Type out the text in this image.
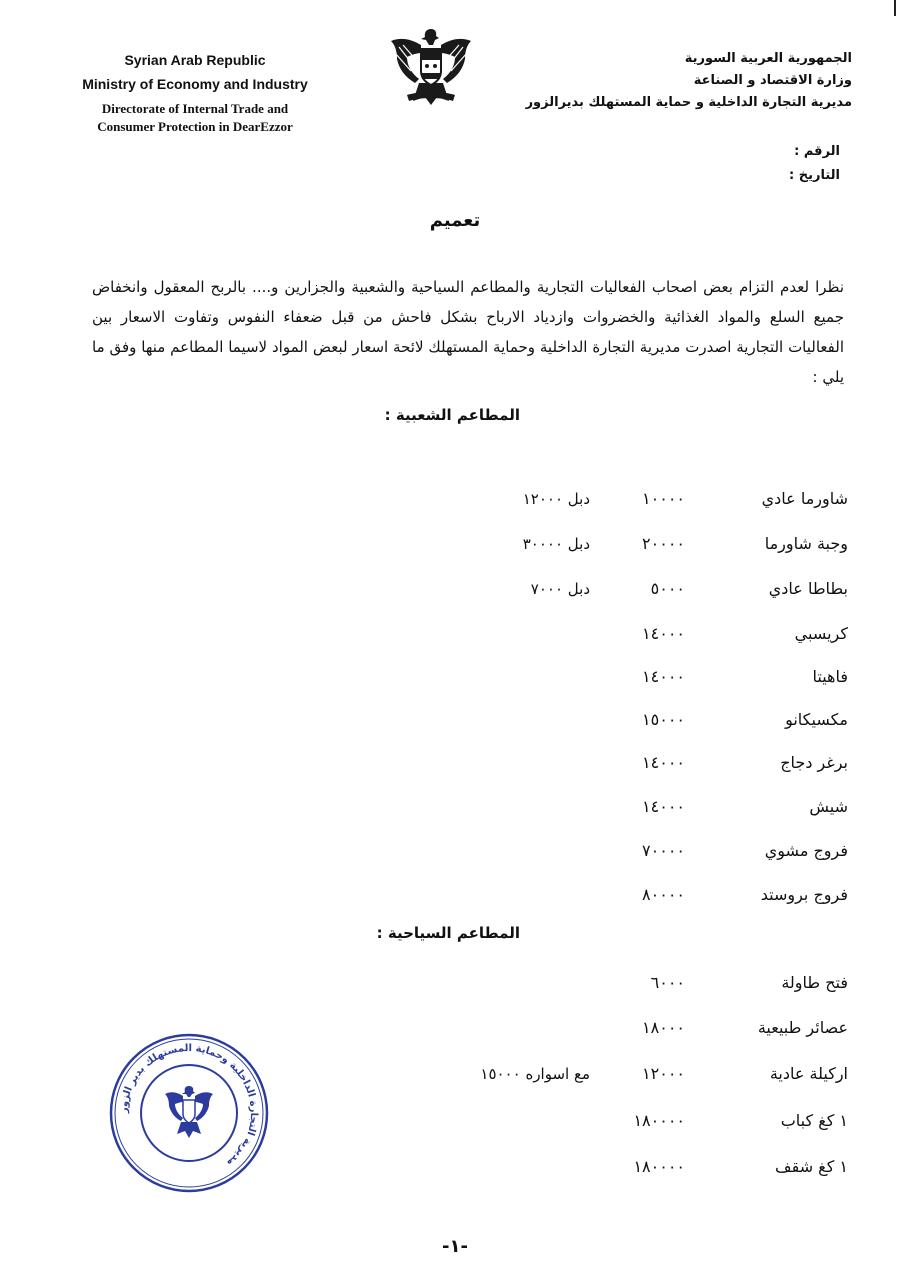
Syrian Arab Republic
Ministry of Economy and Industry
Directorate of Internal Trade and
Consumer Protection in DearEzzor
الجمهورية العربية السورية
وزارة الاقتصاد و الصناعة
مديرية التجارة الداخلية و حماية المستهلك بديرالزور
الرقم :
التاريخ :
تعميم
نظرا لعدم التزام بعض اصحاب الفعاليات التجارية والمطاعم السياحية والشعبية والجزارين و.... بالربح المعقول وانخفاض جميع السلع والمواد الغذائية والخضروات وازدياد الارباح بشكل فاحش من قبل ضعفاء النفوس وتفاوت الاسعار بين الفعاليات التجارية اصدرت مديرية التجارة الداخلية وحماية المستهلك لائحة اسعار لبعض المواد لاسيما المطاعم منها وفق ما يلي :
المطاعم الشعبية :
شاورما عادي
١٠٠٠٠
دبل ١٢٠٠٠
وجبة شاورما
٢٠٠٠٠
دبل ٣٠٠٠٠
بطاطا عادي
٥٠٠٠
دبل ٧٠٠٠
كريسبي
١٤٠٠٠
فاهيتا
١٤٠٠٠
مكسيكانو
١٥٠٠٠
برغر دجاج
١٤٠٠٠
شيش
١٤٠٠٠
فروج مشوي
٧٠٠٠٠
فروج بروستد
٨٠٠٠٠
المطاعم السياحية :
فتح طاولة
٦٠٠٠
عصائر طبيعية
١٨٠٠٠
اركيلة عادية
١٢٠٠٠
مع اسواره ١٥٠٠٠
١ كغ كباب
١٨٠٠٠٠
١ كغ شقف
١٨٠٠٠٠
مديرية التجارة الداخلية وحماية المستهلك بدير الزور
-١-
